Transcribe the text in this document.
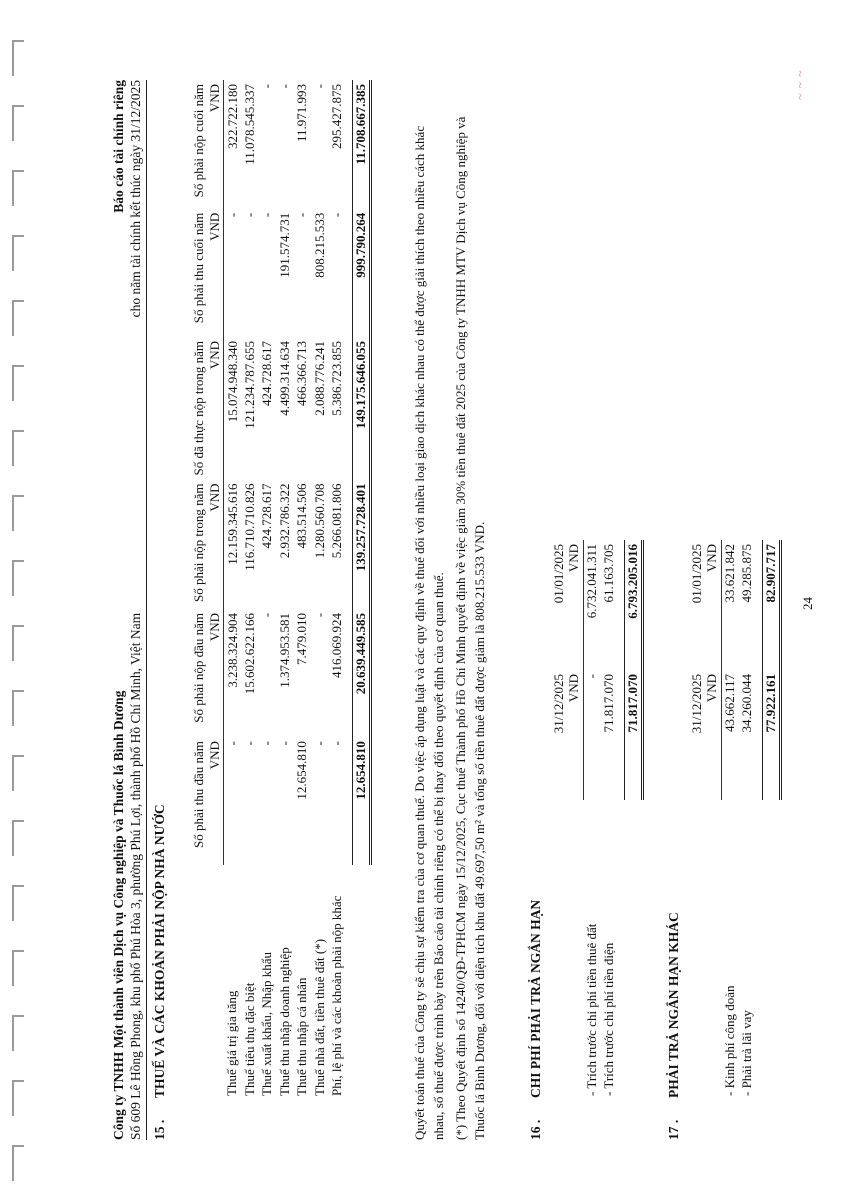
Công ty TNHH Một thành viên Dịch vụ Công nghiệp và Thuốc lá Bình Dương Số 609 Lê Hồng Phong, khu phố Phú Hòa 3, phường Phú Lợi, thành phố Hồ Chí Minh, Việt Nam
Báo cáo tài chính riêng cho năm tài chính kết thúc ngày 31/12/2025
15 .THUẾ VÀ CÁC KHOẢN PHẢI NỘP NHÀ NƯỚC
	Số phải thu đầu năm	Số phải nộp đầu năm	Số phải nộp trong năm	Số đã thực nộp trong năm	Số phải thu cuối năm	Số phải nộp cuối năm
	VND	VND	VND	VND	VND	VND
Thuế giá trị gia tăng	-	3.238.324.904	12.159.345.616	15.074.948.340	-	322.722.180
Thuế tiêu thụ đặc biệt	-	15.602.622.166	116.710.710.826	121.234.787.655	-	11.078.545.337
Thuế xuất khẩu, Nhập khẩu	-	-	424.728.617	424.728.617	-	-
Thuế thu nhập doanh nghiệp	-	1.374.953.581	2.932.786.322	4.499.314.634	191.574.731	-
Thuế thu nhập cá nhân	12.654.810	7.479.010	483.514.506	466.366.713	-	11.971.993
Thuế nhà đất, tiền thuê đất (*)	-	-	1.280.560.708	2.088.776.241	808.215.533	-
Phí, lệ phí và các khoản phải nộp khác	-	416.069.924	5.266.081.806	5.386.723.855	-	295.427.875

	12.654.810	20.639.449.585	139.257.728.401	149.175.646.055	999.790.264	11.708.667.385

Quyết toán thuế của Công ty sẽ chịu sự kiểm tra của cơ quan thuế. Do việc áp dụng luật và các quy định về thuế đối với nhiều loại giao dịch khác nhau có thể được giải thích theo nhiều cách khác nhau, số thuế được trình bày trên Báo cáo tài chính riêng có thể bị thay đổi theo quyết định của cơ quan thuế. (*) Theo Quyết định số 14240/QĐ-TPHCM ngày 15/12/2025, Cục thuế Thành phố Hồ Chí Minh quyết định về việc giảm 30% tiền thuê đất 2025 của Công ty TNHH MTV Dịch vụ Công nghiệp và Thuốc lá Bình Dương, đối với diện tích khu đất 49.697,50 m² và tổng số tiền thuê đất được giảm là 808.215.533 VND.	16 .CHI PHÍ PHẢI TRẢ NGẮN HẠN
	31/12/2025	01/01/2025
	VND	VND
- Trích trước chi phí tiền thuê đất	-	6.732.041.311
- Trích trước chi phí tiền điện	71.817.070	61.163.705

	71.817.070	6.793.205.016
17 .PHẢI TRẢ NGẮN HẠN KHÁC
	31/12/2025	01/01/2025
	VND	VND
- Kinh phí công đoàn	43.662.117	33.621.842
- Phải trả lãi vay	34.260.044	49.285.875

	77.922.161	82.907.717
24
~ ~ ~
